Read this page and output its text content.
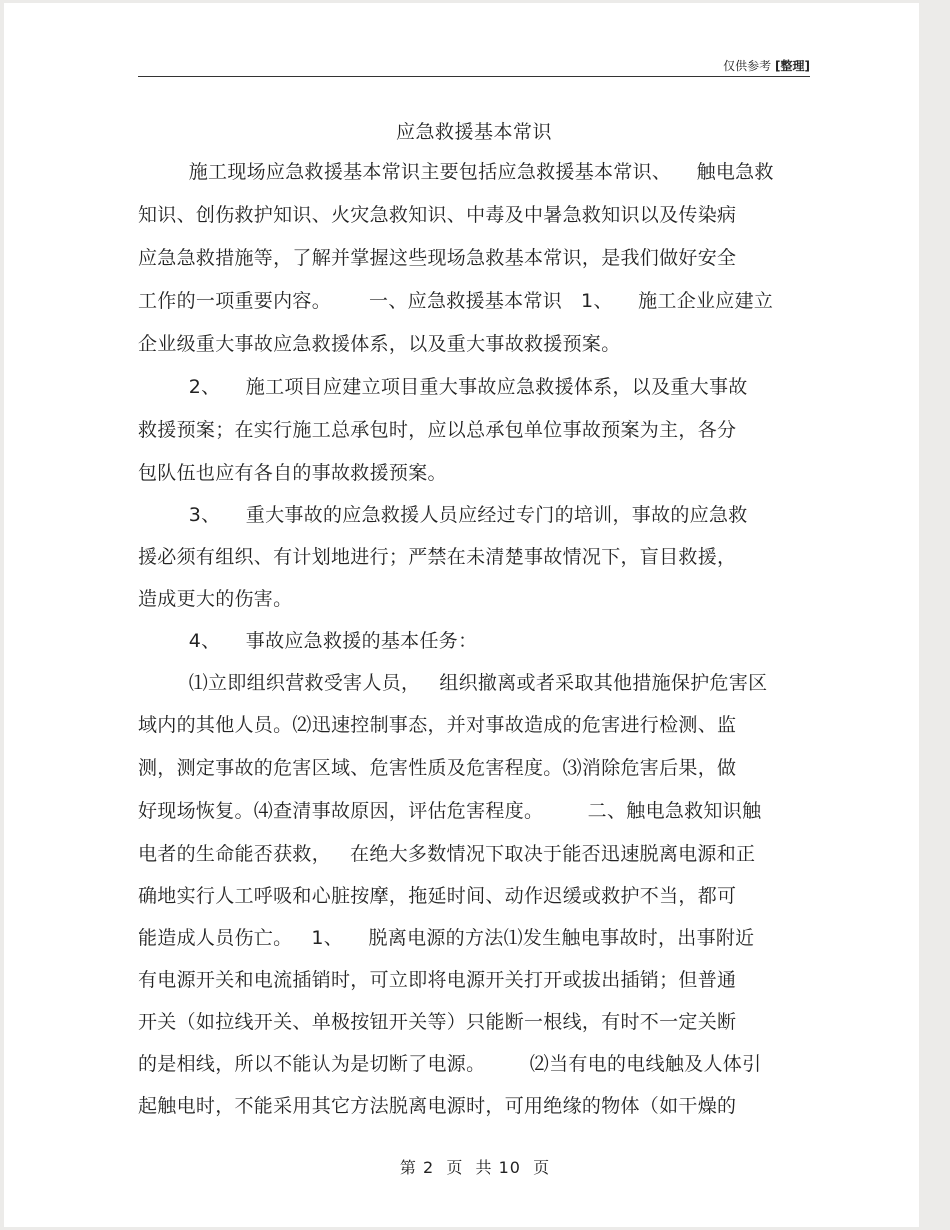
仅供参考 [整理]
应急救援基本常识
施工现场应急救援基本常识主要包括应急救援基本常识、    触电急救
知识、创伤救护知识、火灾急救知识、中毒及中暑急救知识以及传染病
应急急救措施等，了解并掌握这些现场急救基本常识，是我们做好安全
工作的一项重要内容。      一、应急救援基本常识   1、    施工企业应建立
企业级重大事故应急救援体系，以及重大事故救援预案。
2、    施工项目应建立项目重大事故应急救援体系，以及重大事故
救援预案；在实行施工总承包时，应以总承包单位事故预案为主，各分
包队伍也应有各自的事故救援预案。
3、    重大事故的应急救援人员应经过专门的培训，事故的应急救
援必须有组织、有计划地进行；严禁在未清楚事故情况下，盲目救援，
造成更大的伤害。
4、    事故应急救援的基本任务：
⑴立即组织营救受害人员，   组织撤离或者采取其他措施保护危害区
域内的其他人员。⑵迅速控制事态，并对事故造成的危害进行检测、监
测，测定事故的危害区域、危害性质及危害程度。⑶消除危害后果，做
好现场恢复。⑷查清事故原因，评估危害程度。       二、触电急救知识触
电者的生命能否获救，   在绝大多数情况下取决于能否迅速脱离电源和正
确地实行人工呼吸和心脏按摩，拖延时间、动作迟缓或救护不当，都可
能造成人员伤亡。   1、    脱离电源的方法⑴发生触电事故时，出事附近
有电源开关和电流插销时，可立即将电源开关打开或拔出插销；但普通
开关（如拉线开关、单极按钮开关等）只能断一根线，有时不一定关断
的是相线，所以不能认为是切断了电源。       ⑵当有电的电线触及人体引
起触电时，不能采用其它方法脱离电源时，可用绝缘的物体（如干燥的
第 2  页  共 10  页
